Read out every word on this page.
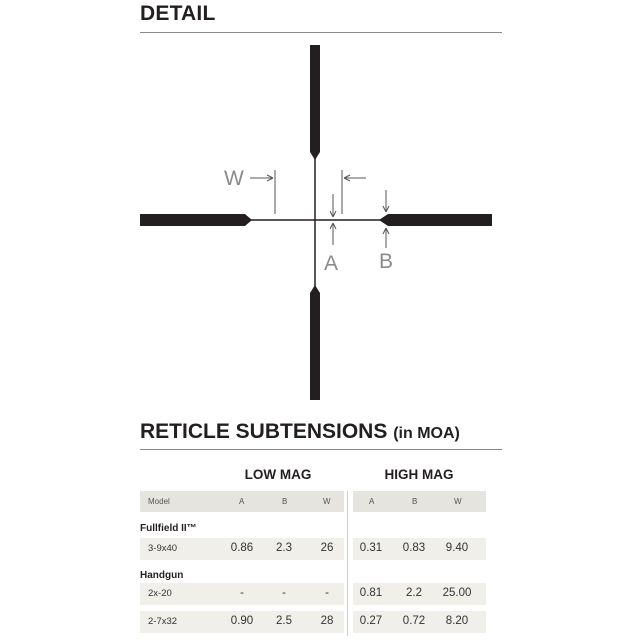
DETAIL
W
A B
RETICLE SUBTENSIONS (in MOA)
LOW MAG	HIGH MAG
Model	A	B	W	A	B	W
Fullfield II™
3-9x40	0.86	2.3	26	0.31	0.83	9.40
Handgun
2x-20	-	-	-	0.81	2.2	25.00
2-7x32	0.90	2.5	28	0.27	0.72	8.20
